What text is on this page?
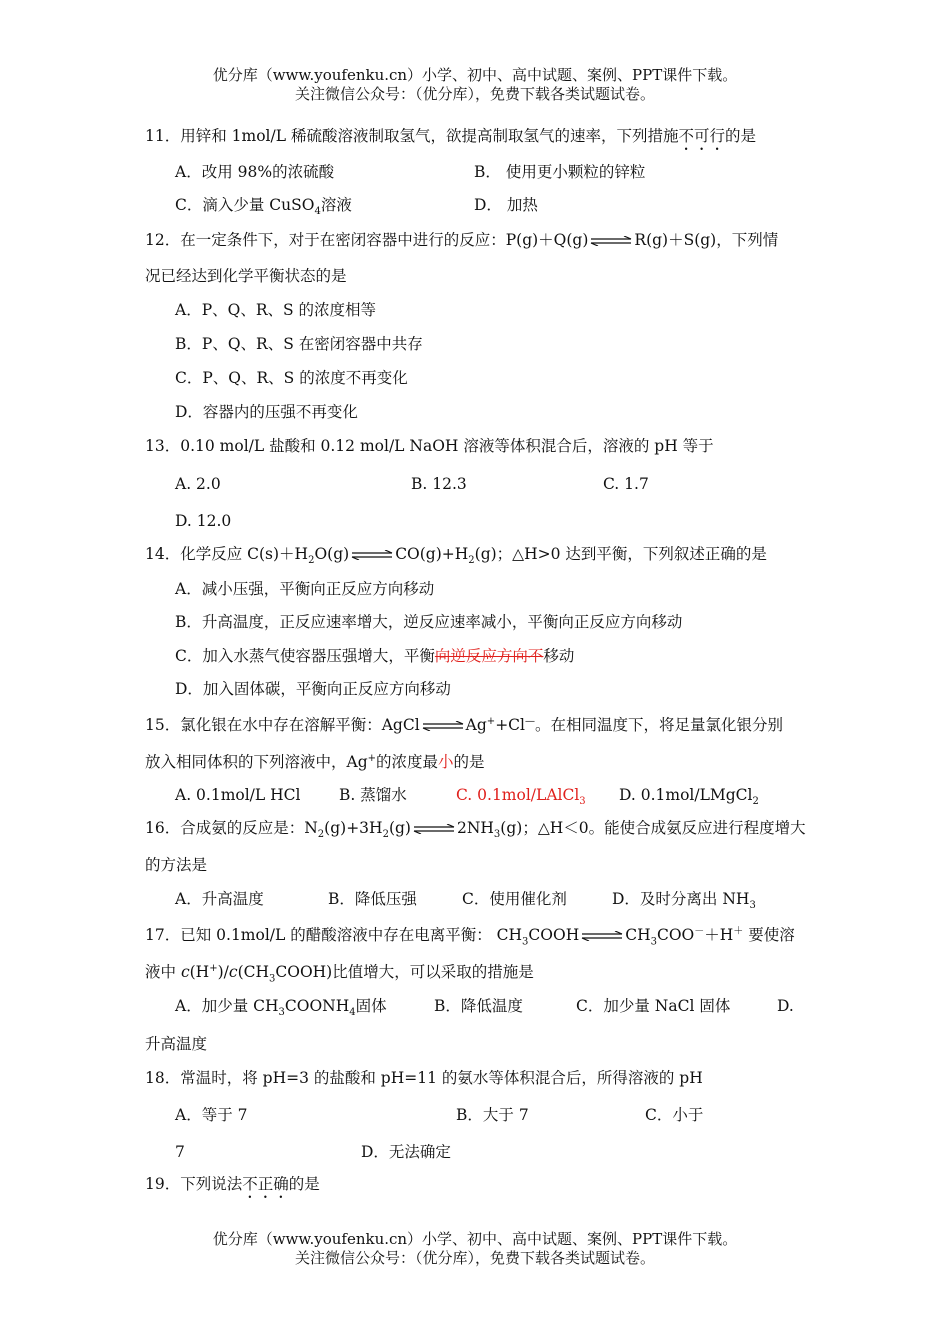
优分库（www.youfenku.cn）小学、初中、高中试题、案例、PPT课件下载。
关注微信公众号：（优分库），免费下载各类试题试卷。
11．用锌和 1mol/L 稀硫酸溶液制取氢气，欲提高制取氢气的速率，下列措施不可行的是
A．改用 98%的浓硫酸	B． 使用更小颗粒的锌粒
C．滴入少量 CuSO$_4$溶液	D． 加热
12．在一定条件下，对于在密闭容器中进行的反应：P(g)＋Q(g)	R(g)＋S(g)，下列情
况已经达到化学平衡状态的是
A．P、Q、R、S 的浓度相等
B．P、Q、R、S 在密闭容器中共存
C．P、Q、R、S 的浓度不再变化
D．容器内的压强不再变化
13．0.10 mol/L 盐酸和 0.12 mol/L NaOH 溶液等体积混合后，溶液的 pH 等于
A. 2.0	B. 12.3	C. 1.7
D. 12.0
14．化学反应 $C(s)+H_2O(g)$	$CO(g)+H_2(g)$；△H>0 达到平衡，下列叙述正确的是
A．减小压强，平衡向正反应方向移动
B．升高温度，正反应速率增大，逆反应速率减小，平衡向正反应方向移动
C．加入水蒸气使容器压强增大，平衡向逆反应方向不移动
D．加入固体碳，平衡向正反应方向移动
15．氯化银在水中存在溶解平衡：AgCl	Ag++Cl—。在相同温度下，将足量氯化银分别
放入相同体积的下列溶液中，Ag+的浓度最小的是
A. 0.1mol/L HCl B. 蒸馏水	C. 0.1mol/LAlCl$_3$ D. 0.1mol/LMgCl$_2$
16．合成氨的反应是：$N_2(g)+3H_2(g)$	$2NH_3(g)$；△H＜0。能使合成氨反应进行程度增大
的方法是
A．升高温度	B．降低压强	C．使用催化剂	D．及时分离出 $NH_3$
17．已知 0.1mol/L 的醋酸溶液中存在电离平衡： $CH_3COOH$	$CH_3COO^-+H^+$ 要使溶
液中 $c(H^+)/c(CH_3COOH)$比值增大，可以采取的措施是
A．加少量 $CH_3COONH_4$固体	B．降低温度	C．加少量 NaCl 固体	D.
升高温度
18．常温时，将 pH=3 的盐酸和 pH=11 的氨水等体积混合后，所得溶液的 pH
A．等于 7	B．大于 7	C．小于
7	D．无法确定
19．下列说法不正确的是
优分库（www.youfenku.cn）小学、初中、高中试题、案例、PPT课件下载。
关注微信公众号：（优分库），免费下载各类试题试卷。
